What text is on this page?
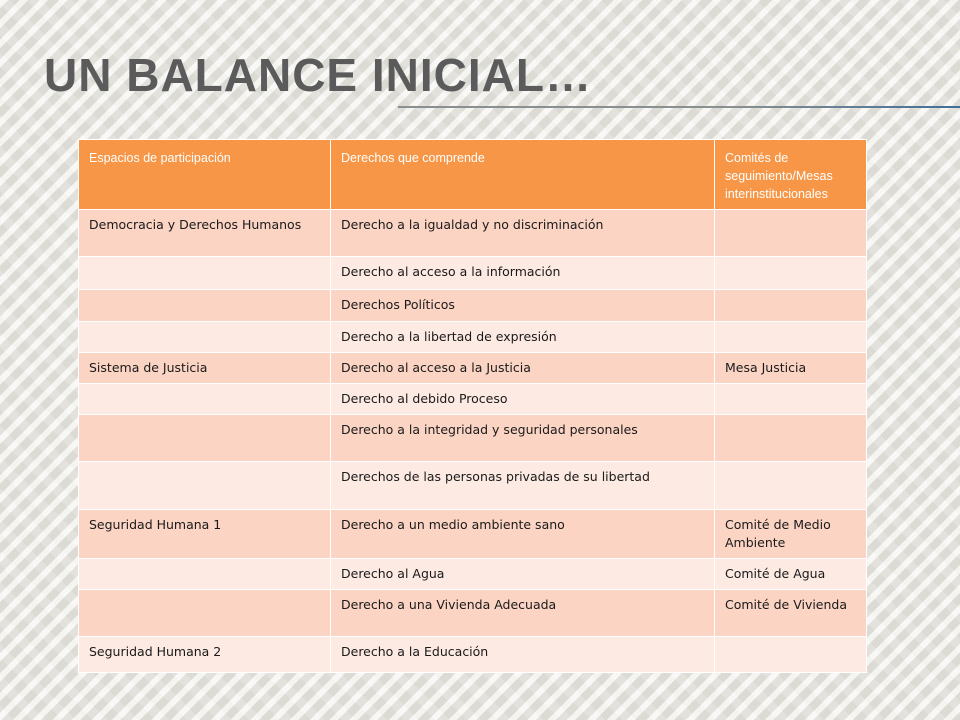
UN BALANCE INICIAL…
Espacios de participación	Derechos que comprende	Comités de seguimiento/Mesas interinstitucionales
Democracia y Derechos Humanos	Derecho a la igualdad y no discriminación	
	Derecho al acceso a la información	
	Derechos Políticos	
	Derecho a la libertad de expresión	
Sistema de Justicia	Derecho al acceso a la Justicia	Mesa Justicia
	Derecho al debido Proceso	
	Derecho a la integridad y seguridad personales	
	Derechos de las personas privadas de su libertad	
Seguridad Humana 1	Derecho a un medio ambiente sano	Comité de Medio Ambiente
	Derecho al Agua	Comité de Agua
	Derecho a una Vivienda Adecuada	Comité de Vivienda
Seguridad Humana 2	Derecho a la Educación	
